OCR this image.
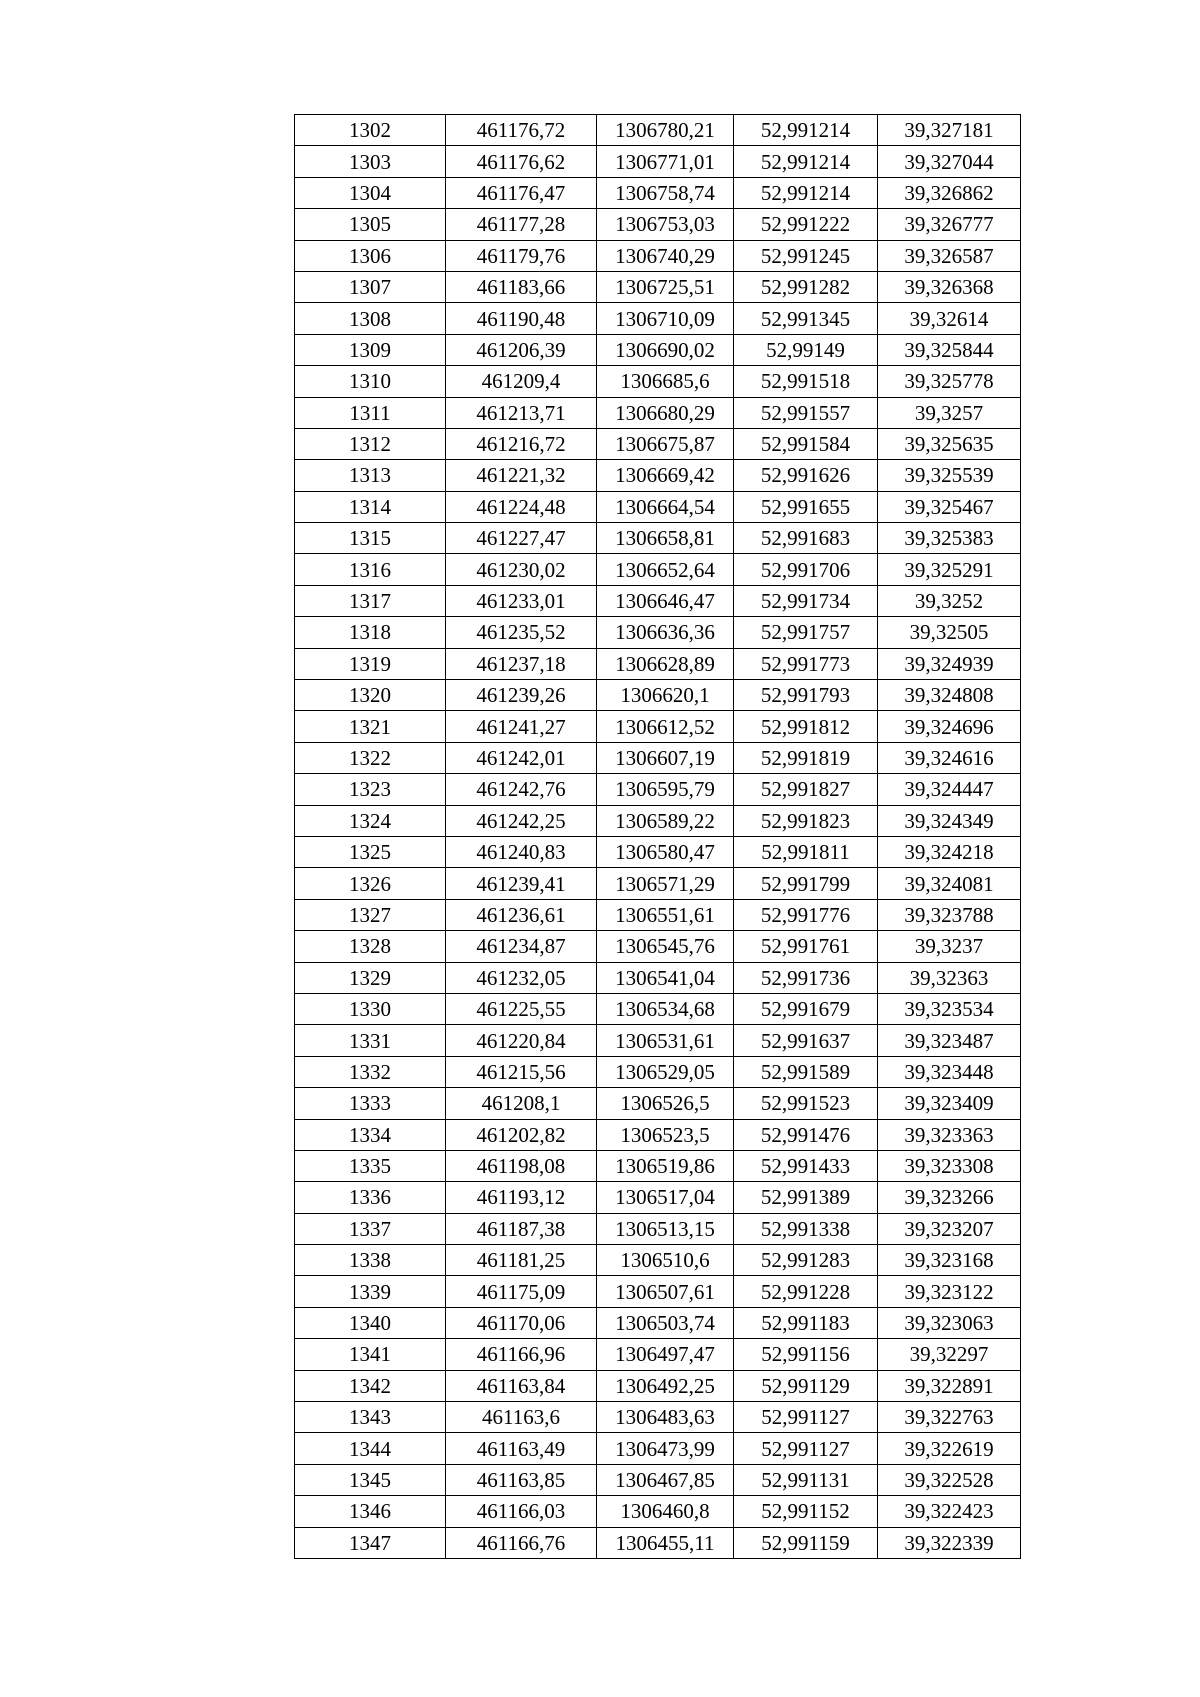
1302	461176,72	1306780,21	52,991214	39,327181
1303	461176,62	1306771,01	52,991214	39,327044
1304	461176,47	1306758,74	52,991214	39,326862
1305	461177,28	1306753,03	52,991222	39,326777
1306	461179,76	1306740,29	52,991245	39,326587
1307	461183,66	1306725,51	52,991282	39,326368
1308	461190,48	1306710,09	52,991345	39,32614
1309	461206,39	1306690,02	52,99149	39,325844
1310	461209,4	1306685,6	52,991518	39,325778
1311	461213,71	1306680,29	52,991557	39,3257
1312	461216,72	1306675,87	52,991584	39,325635
1313	461221,32	1306669,42	52,991626	39,325539
1314	461224,48	1306664,54	52,991655	39,325467
1315	461227,47	1306658,81	52,991683	39,325383
1316	461230,02	1306652,64	52,991706	39,325291
1317	461233,01	1306646,47	52,991734	39,3252
1318	461235,52	1306636,36	52,991757	39,32505
1319	461237,18	1306628,89	52,991773	39,324939
1320	461239,26	1306620,1	52,991793	39,324808
1321	461241,27	1306612,52	52,991812	39,324696
1322	461242,01	1306607,19	52,991819	39,324616
1323	461242,76	1306595,79	52,991827	39,324447
1324	461242,25	1306589,22	52,991823	39,324349
1325	461240,83	1306580,47	52,991811	39,324218
1326	461239,41	1306571,29	52,991799	39,324081
1327	461236,61	1306551,61	52,991776	39,323788
1328	461234,87	1306545,76	52,991761	39,3237
1329	461232,05	1306541,04	52,991736	39,32363
1330	461225,55	1306534,68	52,991679	39,323534
1331	461220,84	1306531,61	52,991637	39,323487
1332	461215,56	1306529,05	52,991589	39,323448
1333	461208,1	1306526,5	52,991523	39,323409
1334	461202,82	1306523,5	52,991476	39,323363
1335	461198,08	1306519,86	52,991433	39,323308
1336	461193,12	1306517,04	52,991389	39,323266
1337	461187,38	1306513,15	52,991338	39,323207
1338	461181,25	1306510,6	52,991283	39,323168
1339	461175,09	1306507,61	52,991228	39,323122
1340	461170,06	1306503,74	52,991183	39,323063
1341	461166,96	1306497,47	52,991156	39,32297
1342	461163,84	1306492,25	52,991129	39,322891
1343	461163,6	1306483,63	52,991127	39,322763
1344	461163,49	1306473,99	52,991127	39,322619
1345	461163,85	1306467,85	52,991131	39,322528
1346	461166,03	1306460,8	52,991152	39,322423
1347	461166,76	1306455,11	52,991159	39,322339
